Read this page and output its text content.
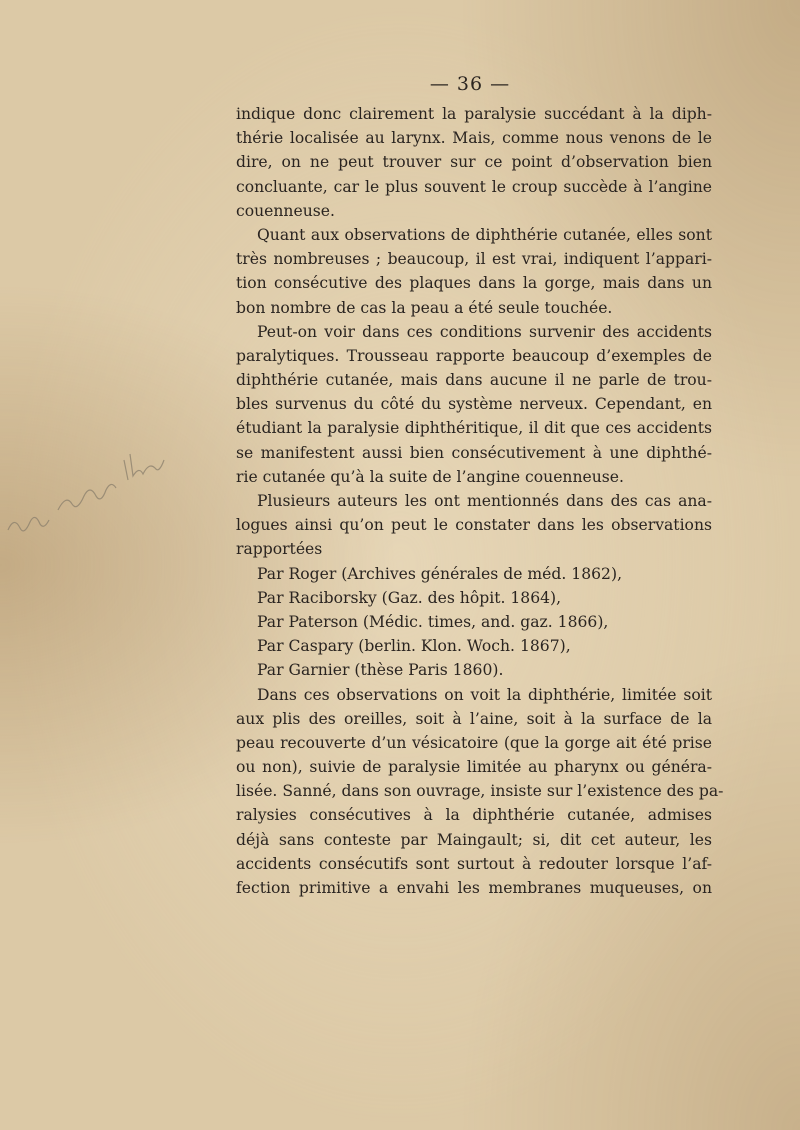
— 36 —
indique donc clairement la paralysie succédant à la diph-
thérie localisée au larynx. Mais, comme nous venons de le
dire, on ne peut trouver sur ce point d’observation bien
concluante, car le plus souvent le croup succède à l’angine
couenneuse.
Quant aux observations de diphthérie cutanée, elles sont
très nombreuses ; beaucoup, il est vrai, indiquent l’appari-
tion consécutive des plaques dans la gorge, mais dans un
bon nombre de cas la peau a été seule touchée.
Peut-on voir dans ces conditions survenir des accidents
paralytiques. Trousseau rapporte beaucoup d’exemples de
diphthérie cutanée, mais dans aucune il ne parle de trou-
bles survenus du côté du système nerveux. Cependant, en
étudiant la paralysie diphthéritique, il dit que ces accidents
se manifestent aussi bien consécutivement à une diphthé-
rie cutanée qu’à la suite de l’angine couenneuse.
Plusieurs auteurs les ont mentionnés dans des cas ana-
logues ainsi qu’on peut le constater dans les observations
rapportées
Par Roger (Archives générales de méd. 1862),
Par Raciborsky (Gaz. des hôpit. 1864),
Par Paterson (Médic. times, and. gaz. 1866),
Par Caspary (berlin. Klon. Woch. 1867),
Par Garnier (thèse Paris 1860).
Dans ces observations on voit la diphthérie, limitée soit
aux plis des oreilles, soit à l’aine, soit à la surface de la
peau recouverte d’un vésicatoire (que la gorge ait été prise
ou non), suivie de paralysie limitée au pharynx ou généra-
lisée. Sanné, dans son ouvrage, insiste sur l’existence des pa-
ralysies consécutives à la diphthérie cutanée, admises
déjà sans conteste par Maingault; si, dit cet auteur, les
accidents consécutifs sont surtout à redouter lorsque l’af-
fection primitive a envahi les membranes muqueuses, on
